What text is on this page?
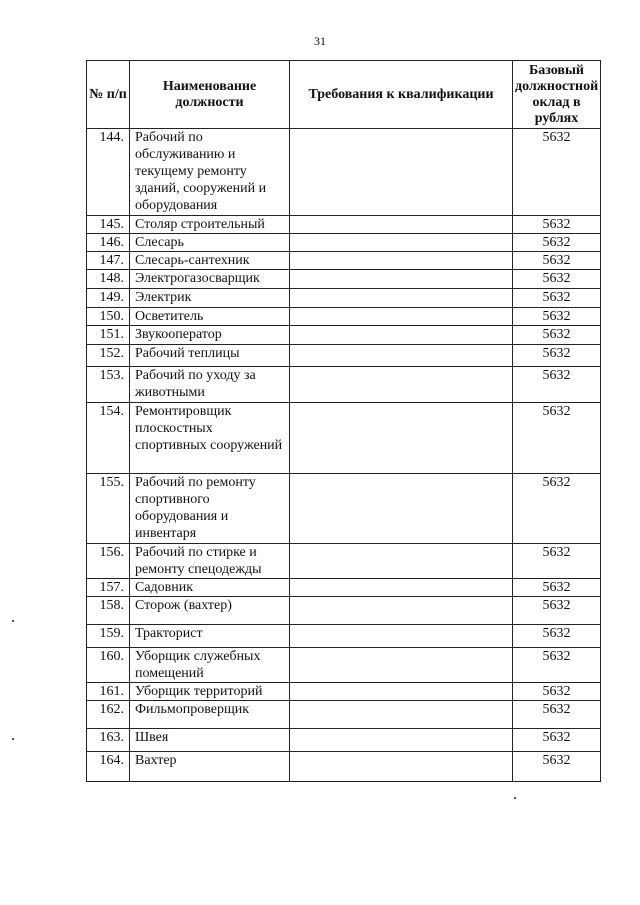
31
№ п/п	Наименование должности	Требования к квалификации	Базовый должностной оклад в рублях
144.	Рабочий по обслуживанию и текущему ремонту зданий, сооружений и оборудования		5632
145.	Столяр строительный		5632
146.	Слесарь		5632
147.	Слесарь-сантехник		5632
148.	Электрогазосварщик		5632
149.	Электрик		5632
150.	Осветитель		5632
151.	Звукооператор		5632
152.	Рабочий теплицы		5632
153.	Рабочий по уходу за животными		5632
154.	Ремонтировщик плоскостных спортивных сооружений		5632
155.	Рабочий по ремонту спортивного оборудования и инвентаря		5632
156.	Рабочий по стирке и ремонту спецодежды		5632
157.	Садовник		5632
158.	Сторож (вахтер)		5632
159.	Тракторист		5632
160.	Уборщик служебных помещений		5632
161.	Уборщик территорий		5632
162.	Фильмопроверщик		5632
163.	Швея		5632
164.	Вахтер		5632
